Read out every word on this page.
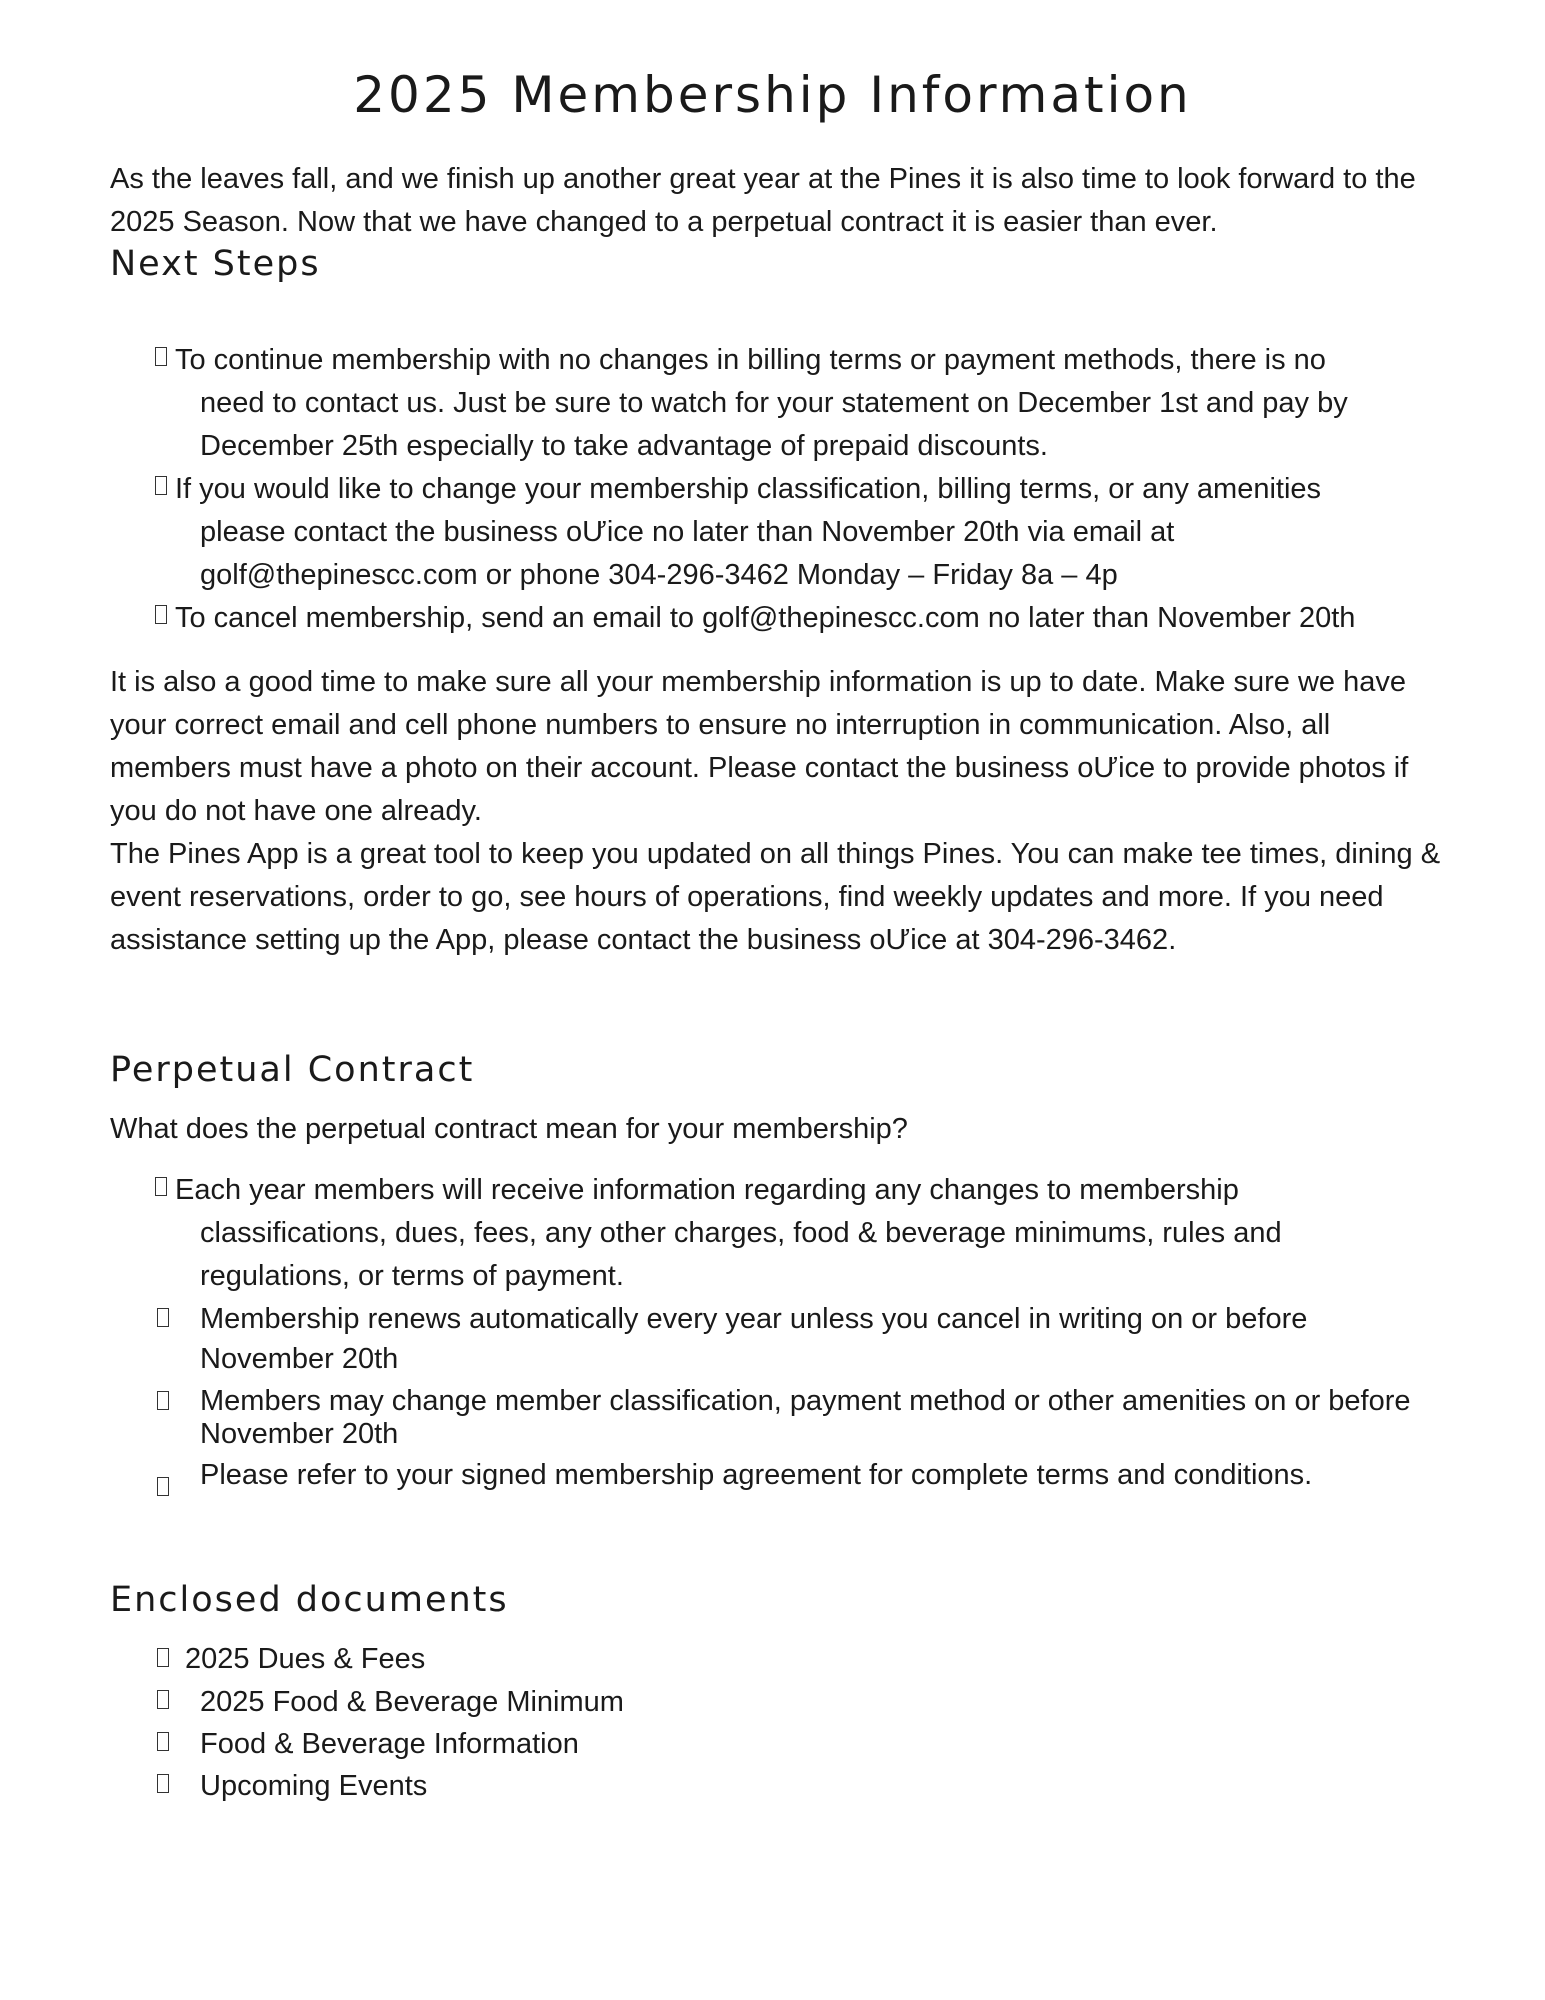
2025 Membership Information

As the leaves fall, and we finish up another great year at the Pines it is also time to look forward to the 2025 Season. Now that we have changed to a perpetual contract it is easier than ever.

Next Steps
To continue membership with no changes in billing terms or payment methods, there is no
need to contact us. Just be sure to watch for your statement on December 1st and pay by
December 25th especially to take advantage of prepaid discounts.
If you would like to change your membership classification, billing terms, or any amenities
please contact the business oƯice no later than November 20th via email at
golf@thepinescc.com or phone 304-296-3462 Monday – Friday 8a – 4p
To cancel membership, send an email to golf@thepinescc.com no later than November 20th

It is also a good time to make sure all your membership information is up to date. Make sure we have your correct email and cell phone numbers to ensure no interruption in communication. Also, all members must have a photo on their account. Please contact the business oƯice to provide photos if you do not have one already.

The Pines App is a great tool to keep you updated on all things Pines. You can make tee times, dining & event reservations, order to go, see hours of operations, find weekly updates and more. If you need assistance setting up the App, please contact the business oƯice at 304-296-3462.

Perpetual Contract

What does the perpetual contract mean for your membership?

Each year members will receive information regarding any changes to membership
classifications, dues, fees, any other charges, food & beverage minimums, rules and
regulations, or terms of payment.
Membership renews automatically every year unless you cancel in writing on or before
November 20th
Members may change member classification, payment method or other amenities on or before
November 20th
Please refer to your signed membership agreement for complete terms and conditions.
Enclosed documents
2025 Dues & Fees
2025 Food & Beverage Minimum
Food & Beverage Information
Upcoming Events
